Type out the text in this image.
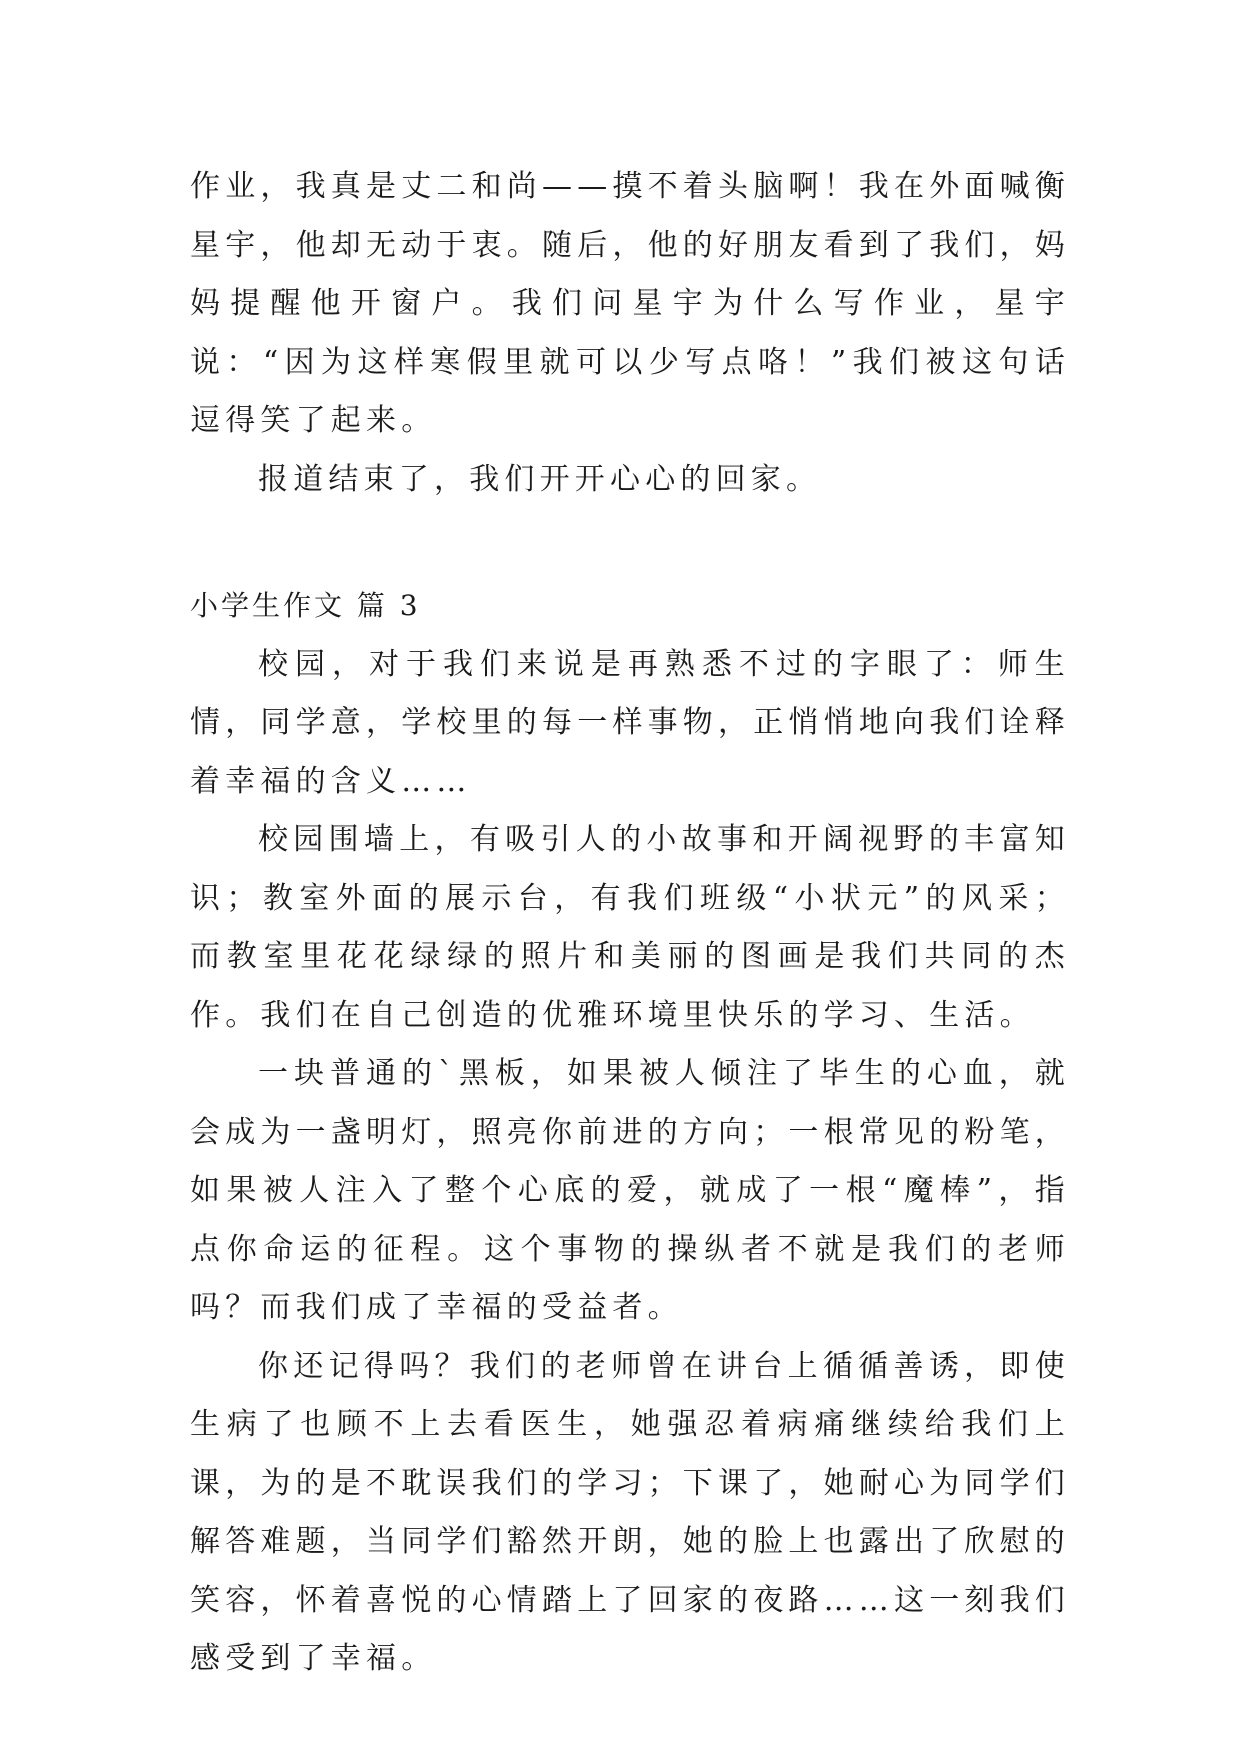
作业，我真是丈二和尚——摸不着头脑啊！我在外面喊衡星宇，他却无动于衷。随后，他的好朋友看到了我们，妈妈提醒他开窗户。我们问星宇为什么写作业，星宇说：“因为这样寒假里就可以少写点咯！”我们被这句话逗得笑了起来。

报道结束了，我们开开心心的回家。

小学生作文 篇 3

校园，对于我们来说是再熟悉不过的字眼了：师生情，同学意，学校里的每一样事物，正悄悄地向我们诠释着幸福的含义……

校园围墙上，有吸引人的小故事和开阔视野的丰富知识；教室外面的展示台，有我们班级“小状元”的风采；而教室里花花绿绿的照片和美丽的图画是我们共同的杰作。我们在自己创造的优雅环境里快乐的学习、生活。

一块普通的`黑板，如果被人倾注了毕生的心血，就会成为一盏明灯，照亮你前进的方向；一根常见的粉笔，如果被人注入了整个心底的爱，就成了一根“魔棒”，指点你命运的征程。这个事物的操纵者不就是我们的老师吗？而我们成了幸福的受益者。

你还记得吗？我们的老师曾在讲台上循循善诱，即使生病了也顾不上去看医生，她强忍着病痛继续给我们上课，为的是不耽误我们的学习；下课了，她耐心为同学们解答难题，当同学们豁然开朗，她的脸上也露出了欣慰的笑容，怀着喜悦的心情踏上了回家的夜路……这一刻我们感受到了幸福。
